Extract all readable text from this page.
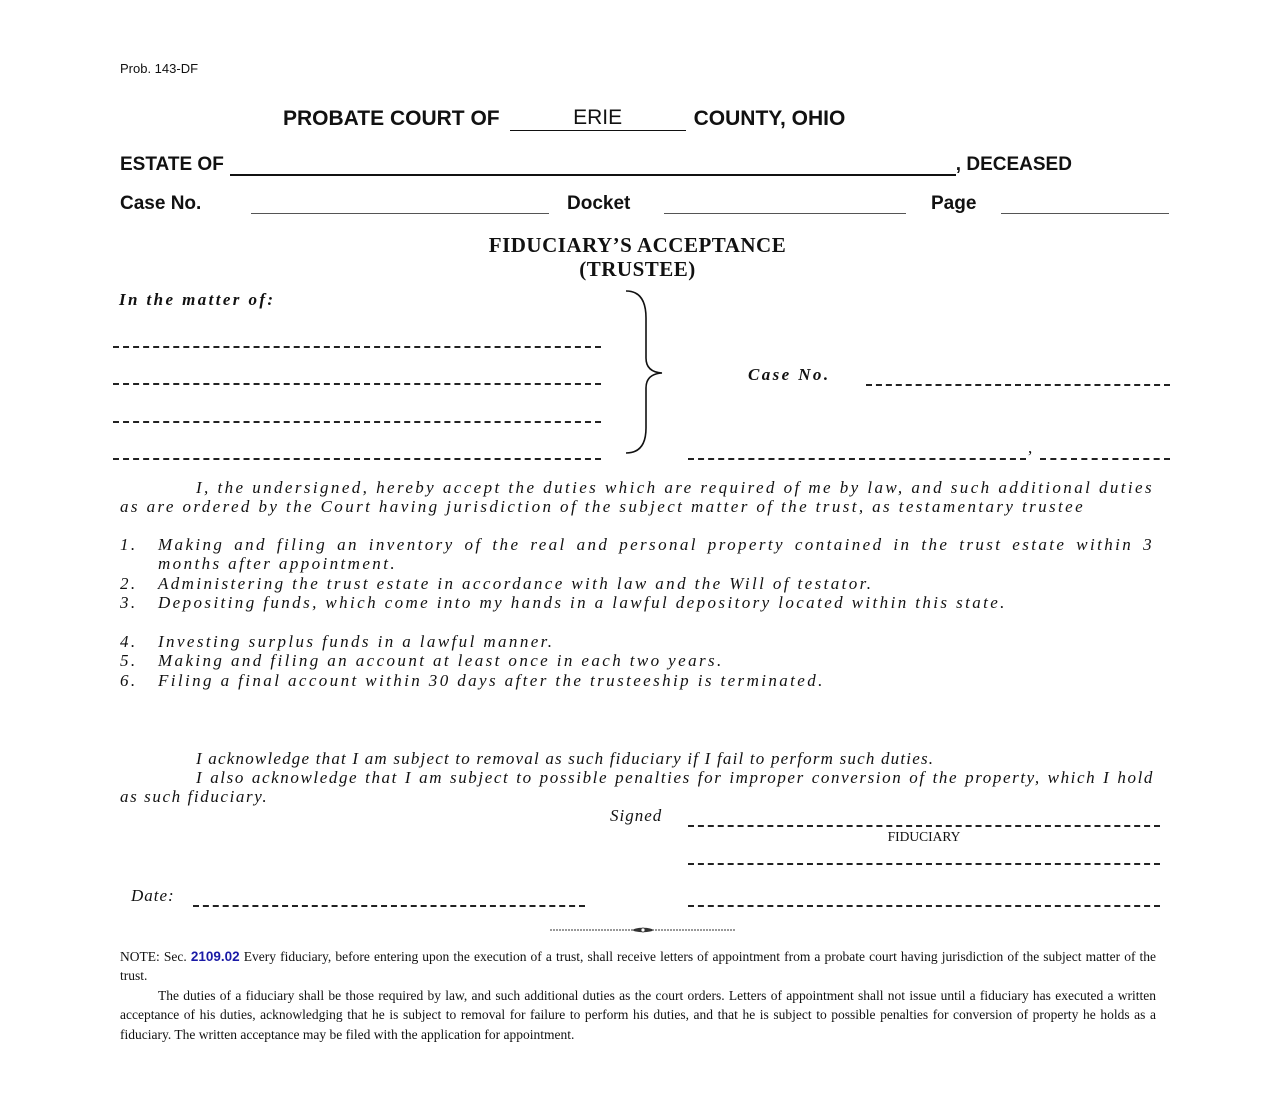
Prob. 143-DF
PROBATE COURT OF	ERIE	COUNTY, OHIO
ESTATE OF	, DECEASED
Case No.	Docket	Page
FIDUCIARY’S ACCEPTANCE
(TRUSTEE)
In the matter of:
Case No.
,
I, the undersigned, hereby accept the duties which are required of me by law, and such additional duties as are ordered by the Court having jurisdiction of the subject matter of the trust, as testamentary trustee
1. Making and filing an inventory of the real and personal property contained in the trust estate within 3 months after appointment.
2. Administering the trust estate in accordance with law and the Will of testator.
3. Depositing funds, which come into my hands in a lawful depository located within this state.
4. Investing surplus funds in a lawful manner.
5. Making and filing an account at least once in each two years.
6. Filing a final account within 30 days after the trusteeship is terminated.
I acknowledge that I am subject to removal as such fiduciary if I fail to perform such duties.
I also acknowledge that I am subject to possible penalties for improper conversion of the property, which I hold as such fiduciary.
Signed
FIDUCIARY
Date:
NOTE: Sec. 2109.02 Every fiduciary, before entering upon the execution of a trust, shall receive letters of appointment from a probate court having jurisdiction of the subject matter of the trust.
The duties of a fiduciary shall be those required by law, and such additional duties as the court orders. Letters of appointment shall not issue until a fiduciary has executed a written acceptance of his duties, acknowledging that he is subject to removal for failure to perform his duties, and that he is subject to possible penalties for conversion of property he holds as a fiduciary. The written acceptance may be filed with the application for appointment.
